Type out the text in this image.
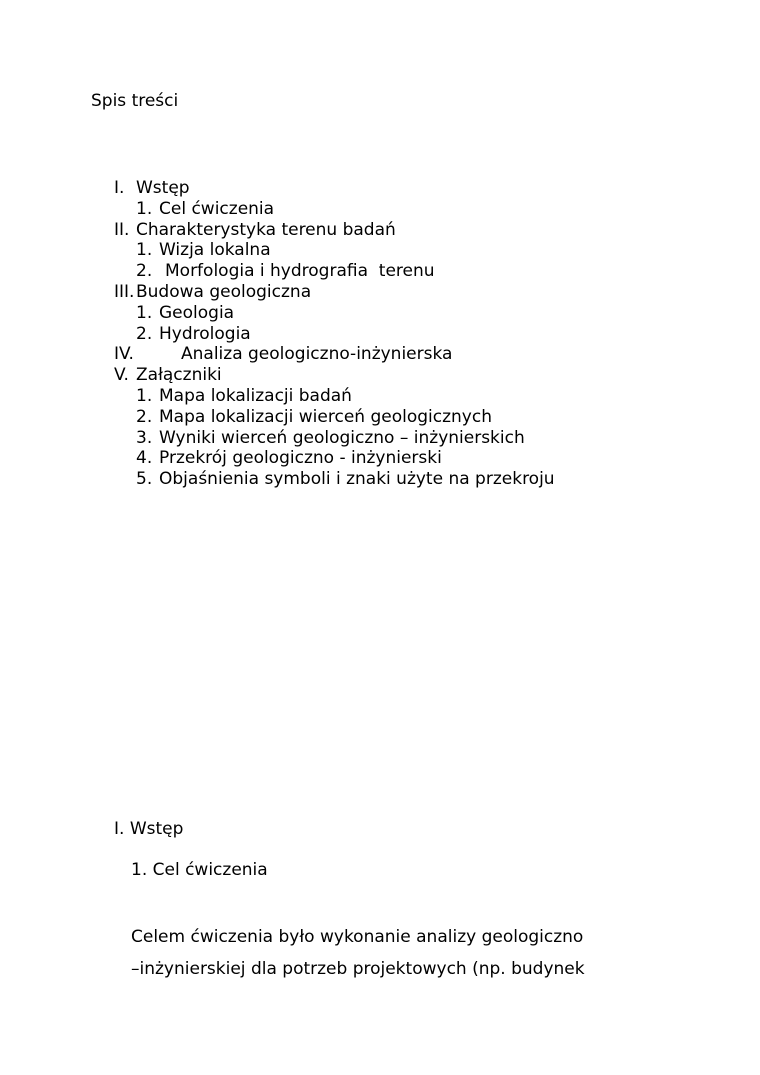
Spis treści

I.

Wstęp

1.

Cel ćwiczenia

II.

Charakterystyka terenu badań

1.

Wizja lokalna

2.

Morfologia i hydrografia  terenu

III.

Budowa geologiczna

1.

Geologia

2.

Hydrologia

IV.

	Analiza geologiczno-inżynierska

V.

Załączniki

1.

Mapa lokalizacji badań

2.

Mapa lokalizacji wierceń geologicznych

3.

Wyniki wierceń geologiczno – inżynierskich

4.

Przekrój geologiczno - inżynierski

5.

Objaśnienia symboli i znaki użyte na przekroju

I. Wstęp
1. Cel ćwiczenia
Celem ćwiczenia było wykonanie analizy geologiczno
–inżynierskiej dla potrzeb projektowych (np. budynek
